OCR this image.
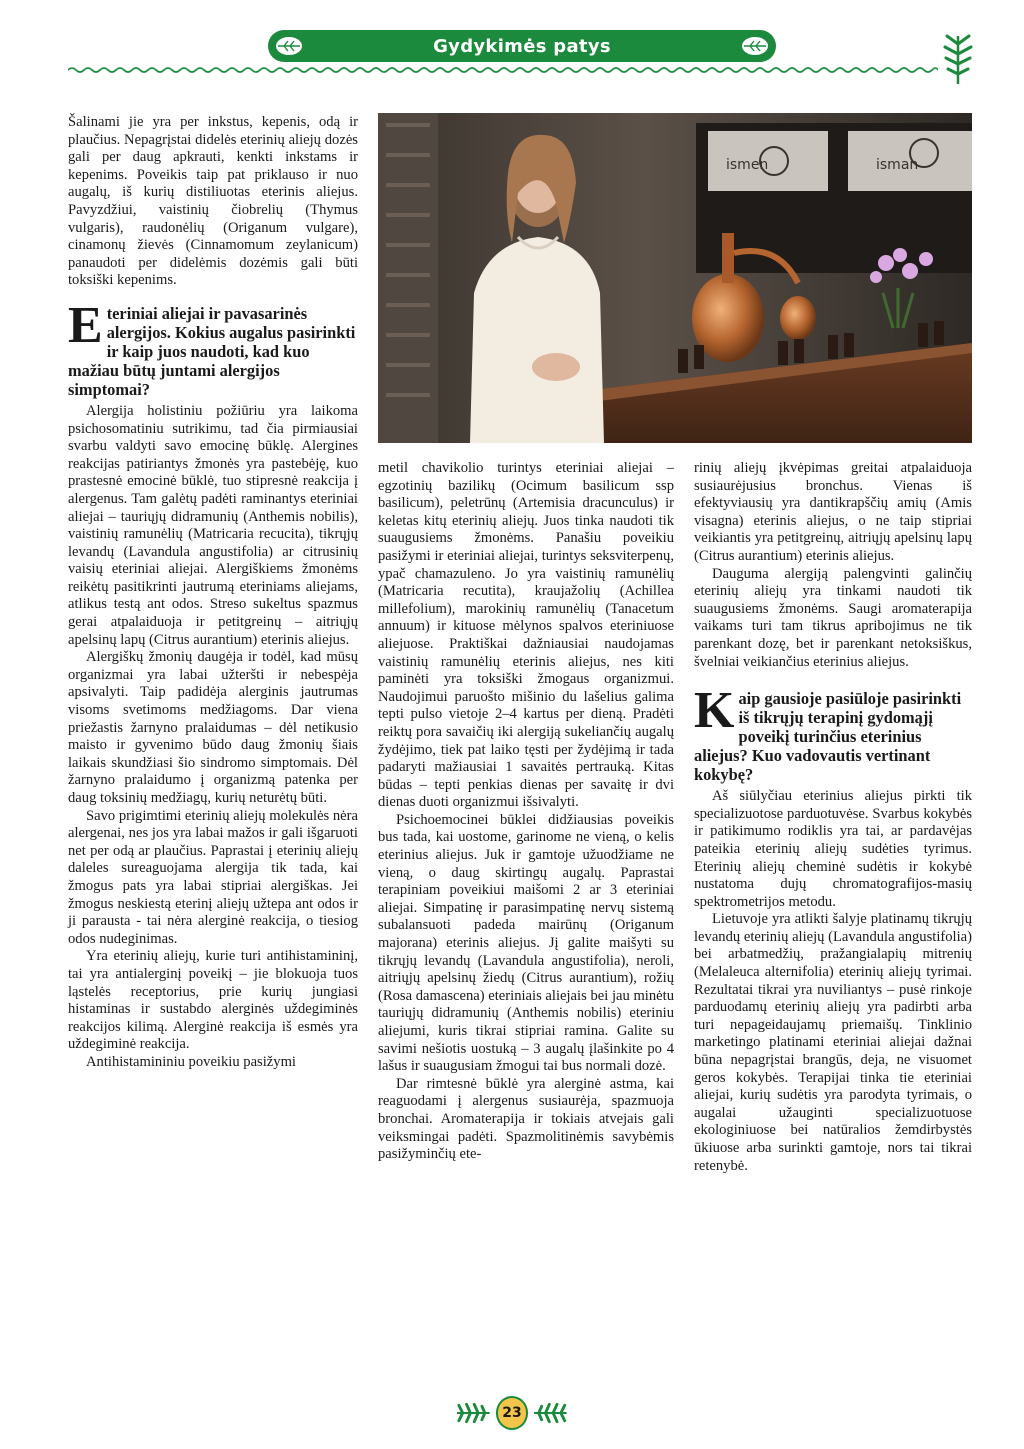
Gydykimės patys
ismen	isman

Šalinami jie yra per inkstus, kepenis, odą ir plaučius. Nepagrįstai didelės eterinių aliejų dozės gali per daug apkrauti, kenkti inkstams ir kepenims. Poveikis taip pat priklauso ir nuo augalų, iš kurių distiliuotas eterinis aliejus. Pavyzdžiui, vaistinių čiobrelių (Thymus vulgaris), raudonėlių (Origanum vulgare), cinamonų žievės (Cinnamomum zeylanicum) panaudoti per didelėmis dozėmis gali būti toksiški kepenims.

Eteriniai aliejai ir pavasarinės alergijos. Kokius augalus pasirinkti ir kaip juos naudoti, kad kuo mažiau būtų juntami alergijos simptomai?

Alergija holistiniu požiūriu yra laikoma psichosomatiniu sutrikimu, tad čia pirmiausiai svarbu valdyti savo emocinę būklę. Alergines reakcijas patiriantys žmonės yra pastebėję, kuo prastesnė emocinė būklė, tuo stipresnė reakcija į alergenus. Tam galėtų padėti raminantys eteriniai aliejai – tauriųjų didramunių (Anthemis nobilis), vaistinių ramunėlių (Matricaria recucita), tikrųjų levandų (Lavandula angustifolia) ar citrusinių vaisių eteriniai aliejai. Alergiškiems žmonėms reikėtų pasitikrinti jautrumą eteriniams aliejams, atlikus testą ant odos. Streso sukeltus spazmus gerai atpalaiduoja ir petitgreinų – aitriųjų apelsinų lapų (Citrus aurantium) eterinis aliejus.

Alergiškų žmonių daugėja ir todėl, kad mūsų organizmai yra labai užteršti ir nebespėja apsivalyti. Taip padidėja alerginis jautrumas visoms svetimoms medžiagoms. Dar viena priežastis žarnyno pralaidumas – dėl netikusio maisto ir gyvenimo būdo daug žmonių šiais laikais skundžiasi šio sindromo simptomais. Dėl žarnyno pralaidumo į organizmą patenka per daug toksinių medžiagų, kurių neturėtų būti.

Savo prigimtimi eterinių aliejų molekulės nėra alergenai, nes jos yra labai mažos ir gali išgaruoti net per odą ar plaučius. Paprastai į eterinių aliejų daleles sureaguojama alergija tik tada, kai žmogus pats yra labai stipriai alergiškas. Jei žmogus neskiestą eterinį aliejų užtepa ant odos ir ji parausta - tai nėra alerginė reakcija, o tiesiog odos nudeginimas.

Yra eterinių aliejų, kurie turi antihistamininį, tai yra antialerginį poveikį – jie blokuoja tuos ląstelės receptorius, prie kurių jungiasi histaminas ir sustabdo alerginės uždegiminės reakcijos kilimą. Alerginė reakcija iš esmės yra uždegiminė reakcija.

Antihistamininiu poveikiu pasižymi

metil chavikolio turintys eteriniai aliejai – egzotinių bazilikų (Ocimum basilicum ssp basilicum), peletrūnų (Artemisia dracunculus) ir keletas kitų eterinių aliejų. Juos tinka naudoti tik suaugusiems žmonėms. Panašiu poveikiu pasižymi ir eteriniai aliejai, turintys seksviterpenų, ypač chamazuleno. Jo yra vaistinių ramunėlių (Matricaria recutita), kraujažolių (Achillea millefolium), marokinių ramunėlių (Tanacetum annuum) ir kituose mėlynos spalvos eteriniuose aliejuose. Praktiškai dažniausiai naudojamas vaistinių ramunėlių eterinis aliejus, nes kiti paminėti yra toksiški žmogaus organizmui. Naudojimui paruošto mišinio du lašelius galima tepti pulso vietoje 2–4 kartus per dieną. Pradėti reiktų pora savaičių iki alergiją sukeliančių augalų žydėjimo, tiek pat laiko tęsti per žydėjimą ir tada padaryti mažiausiai 1 savaitės pertrauką. Kitas būdas – tepti penkias dienas per savaitę ir dvi dienas duoti organizmui išsivalyti.

Psichoemocinei būklei didžiausias poveikis bus tada, kai uostome, garinome ne vieną, o kelis eterinius aliejus. Juk ir gamtoje užuodžiame ne vieną, o daug skirtingų augalų. Paprastai terapiniam poveikiui maišomi 2 ar 3 eteriniai aliejai. Simpatinę ir parasimpatinę nervų sistemą subalansuoti padeda mairūnų (Origanum majorana) eterinis aliejus. Jį galite maišyti su tikrųjų levandų (Lavandula angustifolia), neroli, aitriųjų apelsinų žiedų (Citrus aurantium), rožių (Rosa damascena) eteriniais aliejais bei jau minėtu tauriųjų didramunių (Anthemis nobilis) eteriniu aliejumi, kuris tikrai stipriai ramina. Galite su savimi nešiotis uostuką – 3 augalų įlašinkite po 4 lašus ir suaugusiam žmogui tai bus normali dozė.

Dar rimtesnė būklė yra alerginė astma, kai reaguodami į alergenus susiaurėja, spazmuoja bronchai. Aromaterapija ir tokiais atvejais gali veiksmingai padėti. Spazmolitinėmis savybėmis pasižyminčių ete-

rinių aliejų įkvėpimas greitai atpalaiduoja susiaurėjusius bronchus. Vienas iš efektyviausių yra dantikrapščių amių (Amis visagna) eterinis aliejus, o ne taip stipriai veikiantis yra petitgreinų, aitriųjų apelsinų lapų (Citrus aurantium) eterinis aliejus.

Dauguma alergiją palengvinti galinčių eterinių aliejų yra tinkami naudoti tik suaugusiems žmonėms. Saugi aromaterapija vaikams turi tam tikrus apribojimus ne tik parenkant dozę, bet ir parenkant netoksiškus, švelniai veikiančius eterinius aliejus.

Kaip gausioje pasiūloje pasirinkti iš tikrųjų terapinį gydomąjį poveikį turinčius eterinius aliejus? Kuo vadovautis vertinant kokybę?

Aš siūlyčiau eterinius aliejus pirkti tik specializuotose parduotuvėse. Svarbus kokybės ir patikimumo rodiklis yra tai, ar pardavėjas pateikia eterinių aliejų sudėties tyrimus. Eterinių aliejų cheminė sudėtis ir kokybė nustatoma dujų chromatografijos-masių spektrometrijos metodu.

Lietuvoje yra atlikti šalyje platinamų tikrųjų levandų eterinių aliejų (Lavandula angustifolia) bei arbatmedžių, pražangialapių mitrenių (Melaleuca alternifolia) eterinių aliejų tyrimai. Rezultatai tikrai yra nuviliantys – pusė rinkoje parduodamų eterinių aliejų yra padirbti arba turi nepageidaujamų priemaišų. Tinklinio marketingo platinami eteriniai aliejai dažnai būna nepagrįstai brangūs, deja, ne visuomet geros kokybės. Terapijai tinka tie eteriniai aliejai, kurių sudėtis yra parodyta tyrimais, o augalai užauginti specializuotuose ekologiniuose bei natūralios žemdirbystės ūkiuose arba surinkti gamtoje, nors tai tikrai retenybė.

23
